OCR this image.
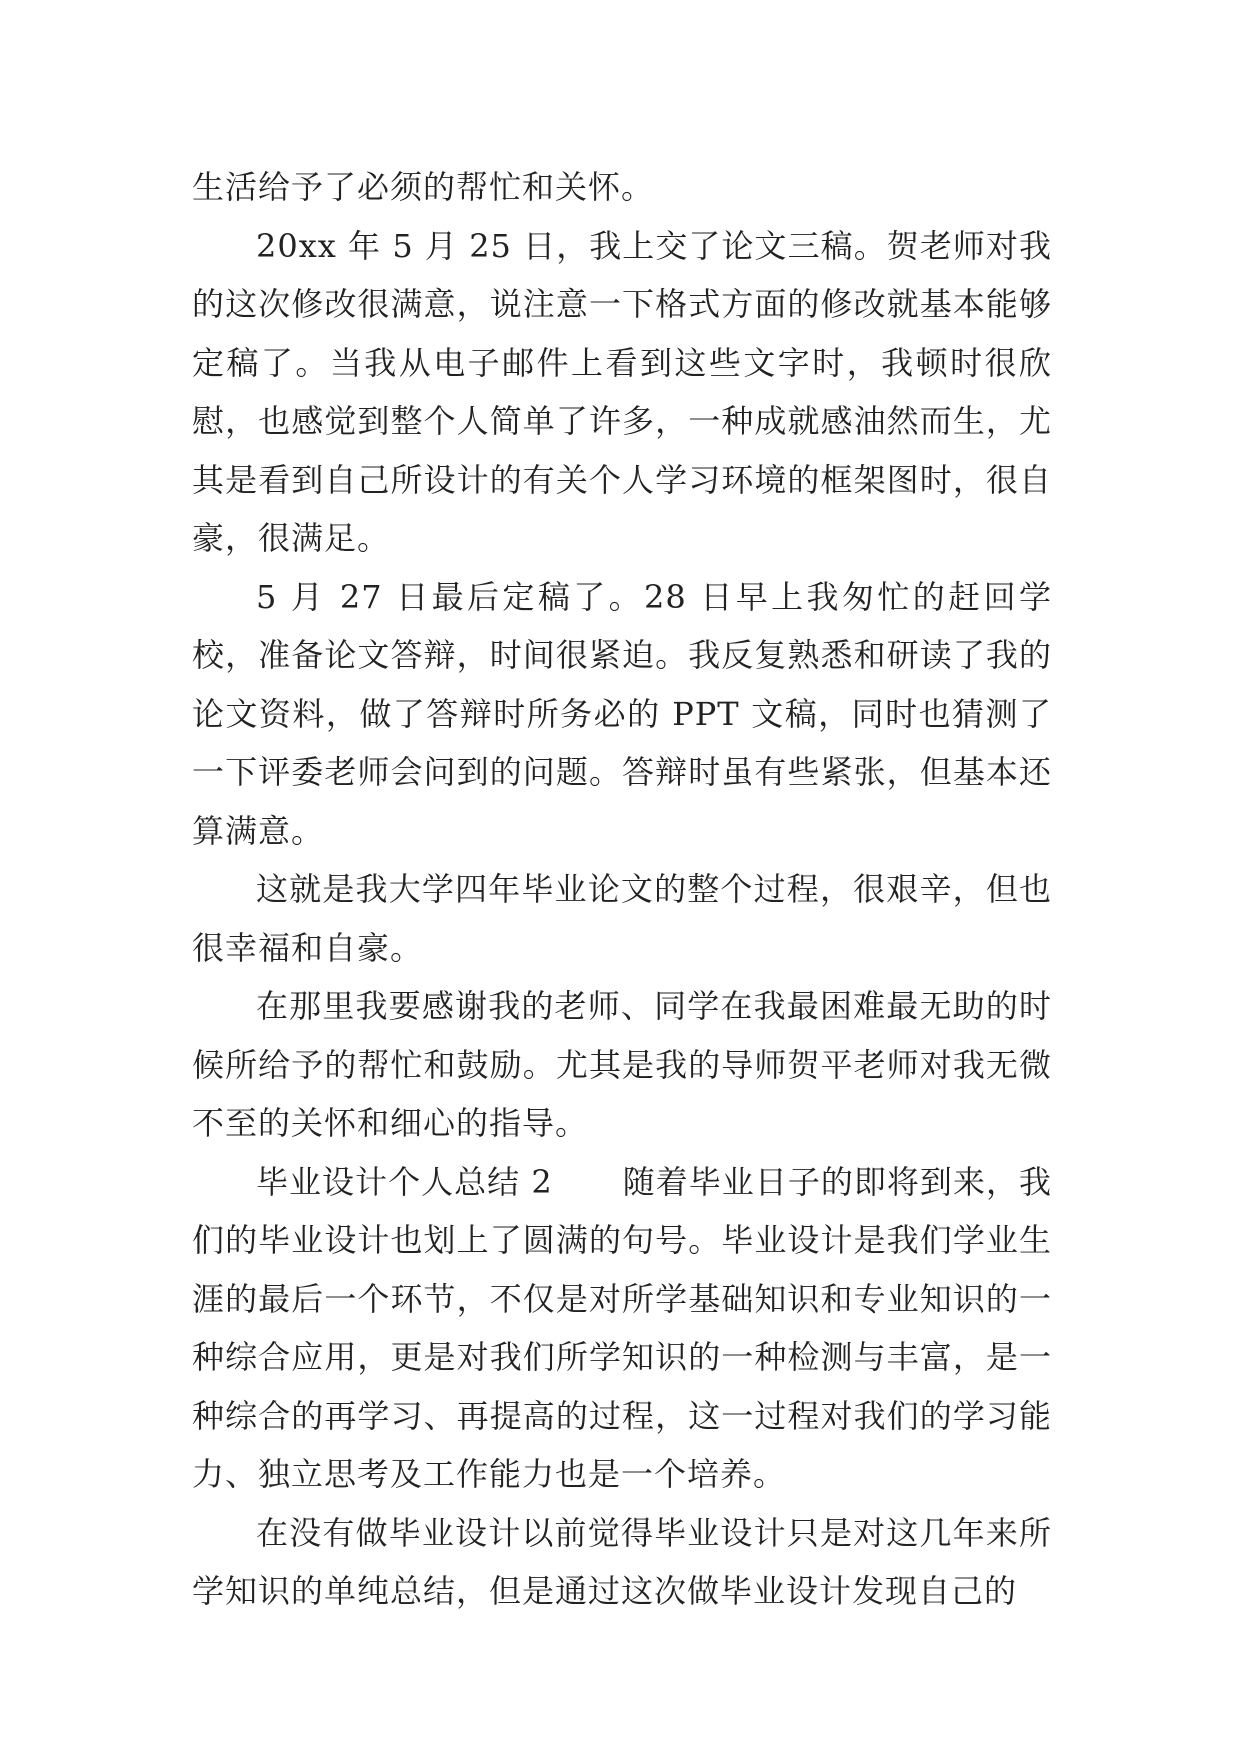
生活给予了必须的帮忙和关怀。

20xx 年 5 月 25 日，我上交了论文三稿。贺老师对我的这次修改很满意，说注意一下格式方面的修改就基本能够定稿了。当我从电子邮件上看到这些文字时，我顿时很欣慰，也感觉到整个人简单了许多，一种成就感油然而生，尤其是看到自己所设计的有关个人学习环境的框架图时，很自豪，很满足。

5 月 27 日最后定稿了。28 日早上我匆忙的赶回学校，准备论文答辩，时间很紧迫。我反复熟悉和研读了我的论文资料，做了答辩时所务必的 PPT 文稿，同时也猜测了一下评委老师会问到的问题。答辩时虽有些紧张，但基本还算满意。

这就是我大学四年毕业论文的整个过程，很艰辛，但也很幸福和自豪。

在那里我要感谢我的老师、同学在我最困难最无助的时候所给予的帮忙和鼓励。尤其是我的导师贺平老师对我无微不至的关怀和细心的指导。

毕业设计个人总结 2 随着毕业日子的即将到来，我们的毕业设计也划上了圆满的句号。毕业设计是我们学业生涯的最后一个环节，不仅是对所学基础知识和专业知识的一种综合应用，更是对我们所学知识的一种检测与丰富，是一种综合的再学习、再提高的过程，这一过程对我们的学习能力、独立思考及工作能力也是一个培养。

在没有做毕业设计以前觉得毕业设计只是对这几年来所学知识的单纯总结，但是通过这次做毕业设计发现自己的
